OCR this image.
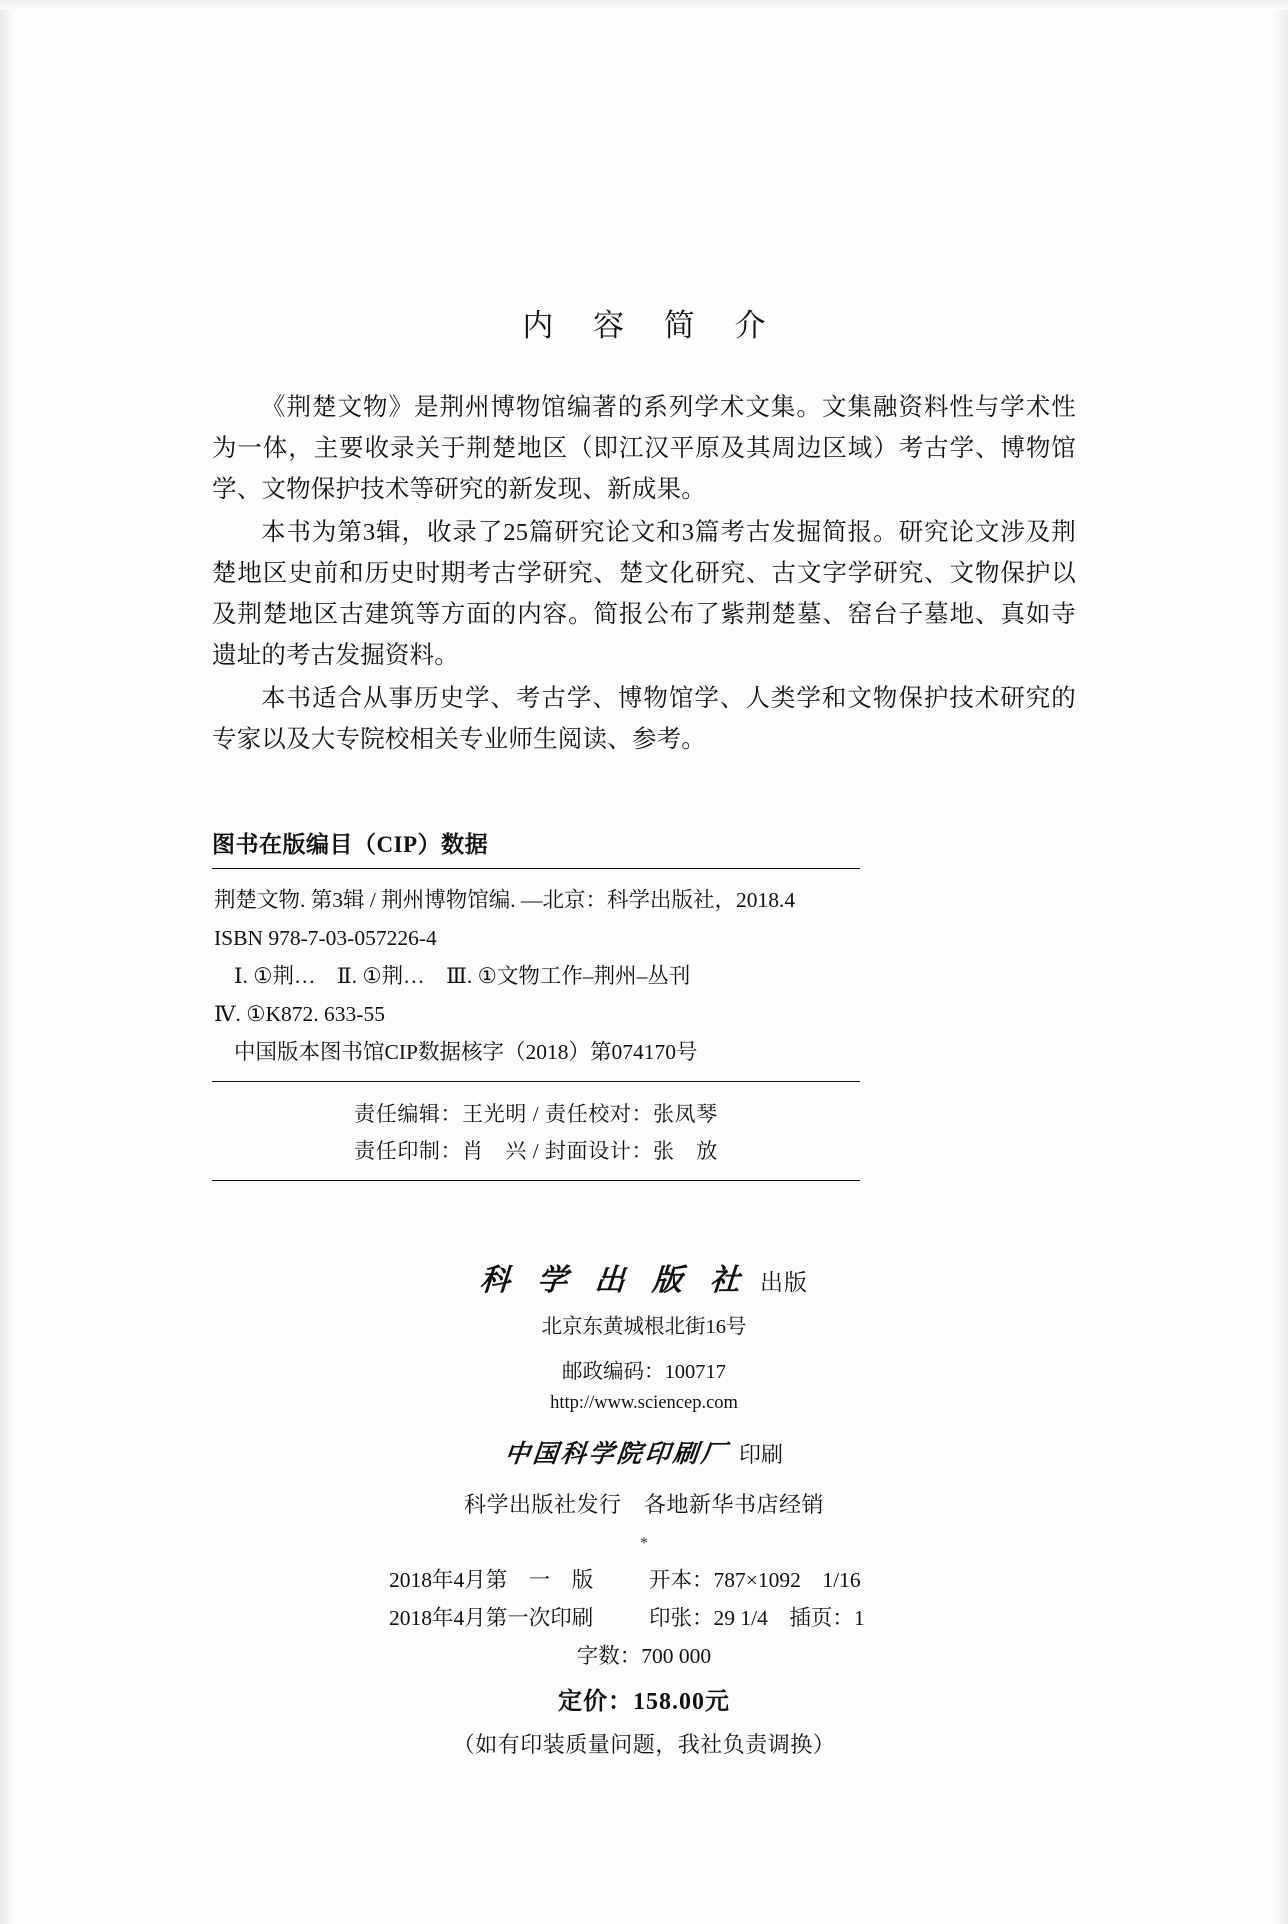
内 容 简 介

《荆楚文物》是荆州博物馆编著的系列学术文集。文集融资料性与学术性为一体，主要收录关于荆楚地区（即江汉平原及其周边区域）考古学、博物馆学、文物保护技术等研究的新发现、新成果。

本书为第3辑，收录了25篇研究论文和3篇考古发掘简报。研究论文涉及荆楚地区史前和历史时期考古学研究、楚文化研究、古文字学研究、文物保护以及荆楚地区古建筑等方面的内容。简报公布了紫荆楚墓、窑台子墓地、真如寺遗址的考古发掘资料。

本书适合从事历史学、考古学、博物馆学、人类学和文物保护技术研究的专家以及大专院校相关专业师生阅读、参考。

图书在版编目（CIP）数据
荆楚文物. 第3辑 / 荆州博物馆编. —北京：科学出版社，2018.4
ISBN 978-7-03-057226-4
Ⅰ. ①荆…　Ⅱ. ①荆…　Ⅲ. ①文物工作–荆州–丛刊
Ⅳ. ①K872. 633-55
中国版本图书馆CIP数据核字（2018）第074170号
责任编辑：王光明 / 责任校对：张凤琴
责任印制：肖　兴 / 封面设计：张　放
科 学 出 版 社 出版
北京东黄城根北街16号
邮政编码：100717
http://www.sciencep.com
中国科学院印刷厂 印刷
科学出版社发行　各地新华书店经销
*
2018年4月第　一　版	开本：787×1092　1/16
2018年4月第一次印刷	印张：29 1/4　插页：1
字数：700 000
定价：158.00元
（如有印装质量问题，我社负责调换）
